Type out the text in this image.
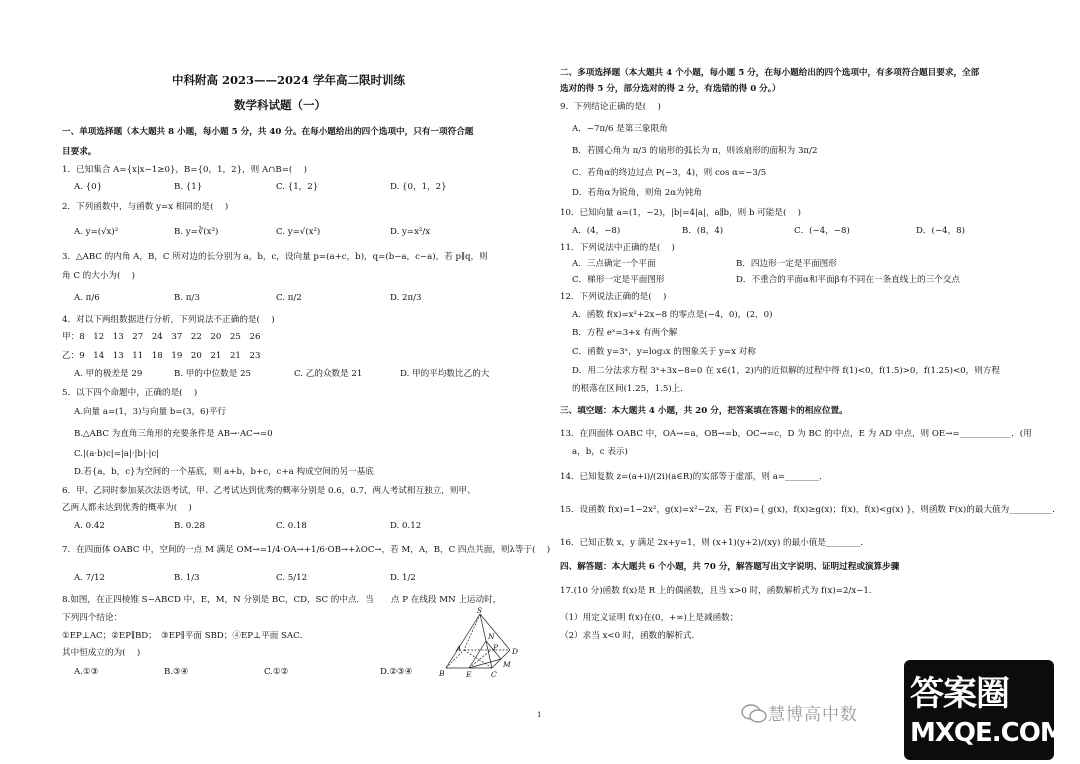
中科附高 2023——2024 学年高二限时训练
数学科试题（一）
一、单项选择题（本大题共 8 小题，每小题 5 分，共 40 分。在每小题给出的四个选项中，只有一项符合题
目要求。
1．已知集合 A={x|x−1≥0}，B={0，1，2}，则 A∩B=(　 )
A. {0}	B. {1}	C. {1，2}	D. {0，1，2}
2．下列函数中，与函数 y=x 相同的是(　 )
A. y=(√x)²	B. y=∛(x³)	C. y=√(x²)	D. y=x²/x
3．△ABC 的内角 A，B，C 所对边的长分别为 a，b，c，设向量 p=(a+c，b)，q=(b−a，c−a)，若 p∥q，则
角 C 的大小为(　 )
A. π/6	B. π/3	C. π/2	D. 2π/3
4．对以下两组数据进行分析，下列说法不正确的是(　 )
甲：8　12　13　27　24　37　22　20　25　26
乙：9　14　13　11　18　19　20　21　21　23
A. 甲的极差是 29	B. 甲的中位数是 25	C. 乙的众数是 21	D. 甲的平均数比乙的大
5．以下四个命题中，正确的是(　 )
A.向量 a=(1，3)与向量 b=(3，6)平行
B.△ABC 为直角三角形的充要条件是 AB→·AC→=0
C.|(a·b)c|=|a|·|b|·|c|
D.若{a，b，c}为空间的一个基底，则 a+b，b+c，c+a 构成空间的另一基底
6．甲、乙同时参加某次法语考试，甲、乙考试达到优秀的概率分别是 0.6，0.7，两人考试相互独立，则甲、
乙两人都未达到优秀的概率为(　 )
A. 0.42	B. 0.28	C. 0.18	D. 0.12
7．在四面体 OABC 中，空间的一点 M 满足 OM→=1/4·OA→+1/6·OB→+λOC→，若 M，A，B，C 四点共面，则λ等于(　 )
A. 7/12	B. 1/3	C. 5/12	D. 1/2
8.如图，在正四棱锥 S−ABCD 中，E，M，N 分别是 BC，CD，SC 的中点．当　　点 P 在线段 MN 上运动时，
下列四个结论：
①EP⊥AC；②EP∥BD；　③EP∥平面 SBD；④EP⊥平面 SAC．
其中恒成立的为(　 )
A.①③	B.③④	C.①②	D.②③④
S
N
P
A	D
B	E	C
M
二、多项选择题（本大题共 4 个小题，每小题 5 分，在每小题给出的四个选项中，有多项符合题目要求，全部
选对的得 5 分，部分选对的得 2 分，有选错的得 0 分。）
9．下列结论正确的是(　 )
A．−7π/6 是第三象限角
B．若圆心角为 π/3 的扇形的弧长为 π，则该扇形的面积为 3π/2
C．若角α的终边过点 P(−3，4)，则 cos α=−3/5
D．若角α为锐角，则角 2α为钝角
10．已知向量 a=(1，−2)，|b|=4|a|，a∥b，则 b 可能是(　 )
A．(4，−8)	B．(8，4)	C．(−4，−8)	D．(−4，8)
11．下列说法中正确的是(　 )
A．三点确定一个平面	B．四边形一定是平面图形
C．梯形一定是平面图形	D．不重合的平面α和平面β有不同在一条直线上的三个交点
12．下列说法正确的是(　 )
A．函数 f(x)=x²+2x−8 的零点是(−4，0)，(2，0)
B．方程 eˣ=3+x 有两个解
C．函数 y=3ˣ，y=log₃x 的图象关于 y=x 对称
D．用二分法求方程 3ˣ+3x−8=0 在 x∈(1，2)内的近似解的过程中得 f(1)<0，f(1.5)>0，f(1.25)<0，则方程
的根落在区间(1.25，1.5)上．
三、填空题：本大题共 4 小题，共 20 分，把答案填在答题卡的相应位置。
13．在四面体 OABC 中，OA→=a，OB→=b，OC→=c，D 为 BC 的中点，E 为 AD 中点，则 OE→=____________．(用
a，b，c 表示)
14．已知复数 z=(a+i)/(2i)(a∈R)的实部等于虚部，则 a=________．
15．设函数 f(x)=1−2x²，g(x)=x²−2x，若 F(x)={ g(x)，f(x)≥g(x)；f(x)，f(x)<g(x) }，则函数 F(x)的最大值为__________．
16．已知正数 x，y 满足 2x+y=1，则 (x+1)(y+2)/(xy) 的最小值是________．
四、解答题：本大题共 6 个小题，共 70 分，解答题写出文字说明、证明过程或演算步骤
17.(10 分)函数 f(x)是 R 上的偶函数，且当 x>0 时，函数解析式为 f(x)=2/x−1．
（1）用定义证明 f(x)在(0，+∞)上是减函数；
（2）求当 x<0 时，函数的解析式．
1	慧博高中数
答案圈
MXQE.COM
